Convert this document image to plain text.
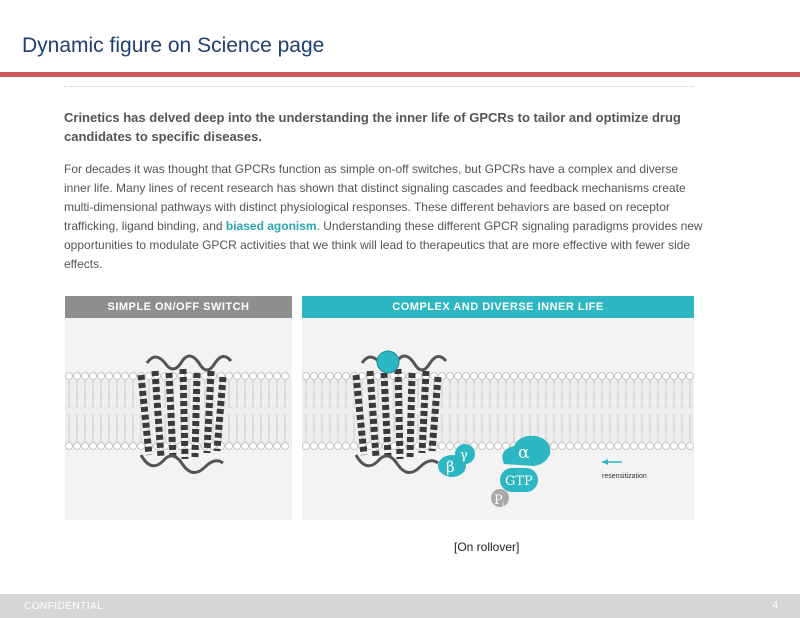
Dynamic figure on Science page
Crinetics has delved deep into the understanding the inner life of GPCRs to tailor and optimize drug candidates to specific diseases.
For decades it was thought that GPCRs function as simple on-off switches, but GPCRs have a complex and diverse inner life. Many lines of recent research has shown that distinct signaling cascades and feedback mechanisms create multi-dimensional pathways with distinct physiological responses. These different behaviors are based on receptor trafficking, ligand binding, and biased agonism. Understanding these different GPCR signaling paradigms provides new opportunities to modulate GPCR activities that we think will lead to therapeutics that are more effective with fewer side effects.
SIMPLE ON/OFF SWITCH	COMPLEX AND DIVERSE INNER LIFE
β
γ	α
GTP
P i
resensitization
[On rollover]
CONFIDENTIAL	4
